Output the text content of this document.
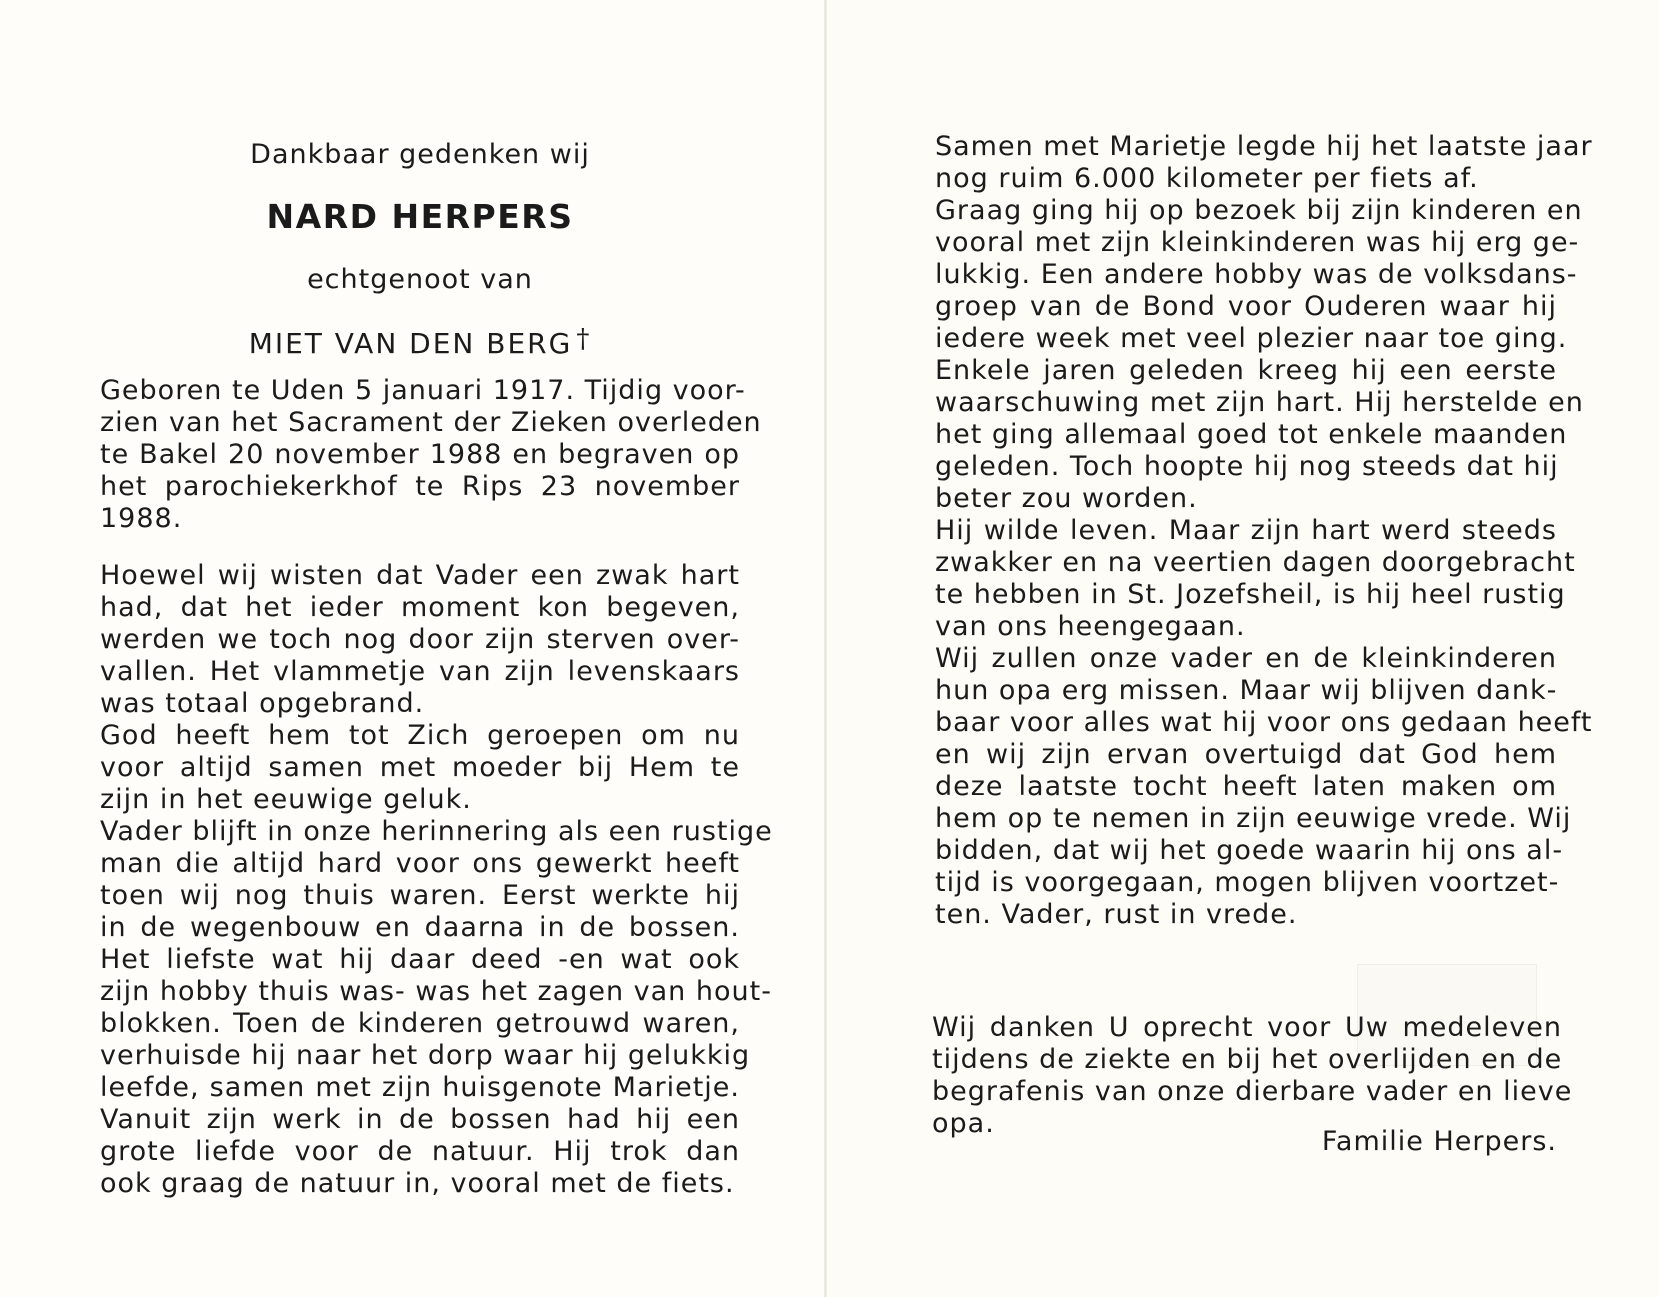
Dankbaar gedenken wij
NARD HERPERS
echtgenoot van
MIET VAN DEN BERG †

Geboren te Uden 5 januari 1917. Tijdig voor-

zien van het Sacrament der Zieken overleden

te Bakel 20 november 1988 en begraven op

het parochiekerkhof te Rips 23 november

1988.

Hoewel wij wisten dat Vader een zwak hart

had, dat het ieder moment kon begeven,

werden we toch nog door zijn sterven over-

vallen. Het vlammetje van zijn levenskaars

was totaal opgebrand.

God heeft hem tot Zich geroepen om nu

voor altijd samen met moeder bij Hem te

zijn in het eeuwige geluk.

Vader blijft in onze herinnering als een rustige

man die altijd hard voor ons gewerkt heeft

toen wij nog thuis waren. Eerst werkte hij

in de wegenbouw en daarna in de bossen.

Het liefste wat hij daar deed -en wat ook

zijn hobby thuis was- was het zagen van hout-

blokken. Toen de kinderen getrouwd waren,

verhuisde hij naar het dorp waar hij gelukkig

leefde, samen met zijn huisgenote Marietje.

Vanuit zijn werk in de bossen had hij een

grote liefde voor de natuur. Hij trok dan

ook graag de natuur in, vooral met de fiets.

Samen met Marietje legde hij het laatste jaar

nog ruim 6.000 kilometer per fiets af.

Graag ging hij op bezoek bij zijn kinderen en

vooral met zijn kleinkinderen was hij erg ge-

lukkig. Een andere hobby was de volksdans-

groep van de Bond voor Ouderen waar hij

iedere week met veel plezier naar toe ging.

Enkele jaren geleden kreeg hij een eerste

waarschuwing met zijn hart. Hij herstelde en

het ging allemaal goed tot enkele maanden

geleden. Toch hoopte hij nog steeds dat hij

beter zou worden.

Hij wilde leven. Maar zijn hart werd steeds

zwakker en na veertien dagen doorgebracht

te hebben in St. Jozefsheil, is hij heel rustig

van ons heengegaan.

Wij zullen onze vader en de kleinkinderen

hun opa erg missen. Maar wij blijven dank-

baar voor alles wat hij voor ons gedaan heeft

en wij zijn ervan overtuigd dat God hem

deze laatste tocht heeft laten maken om

hem op te nemen in zijn eeuwige vrede. Wij

bidden, dat wij het goede waarin hij ons al-

tijd is voorgegaan, mogen blijven voortzet-

ten. Vader, rust in vrede.

Wij danken U oprecht voor Uw medeleven

tijdens de ziekte en bij het overlijden en de

begrafenis van onze dierbare vader en lieve

opa.

Familie Herpers.
